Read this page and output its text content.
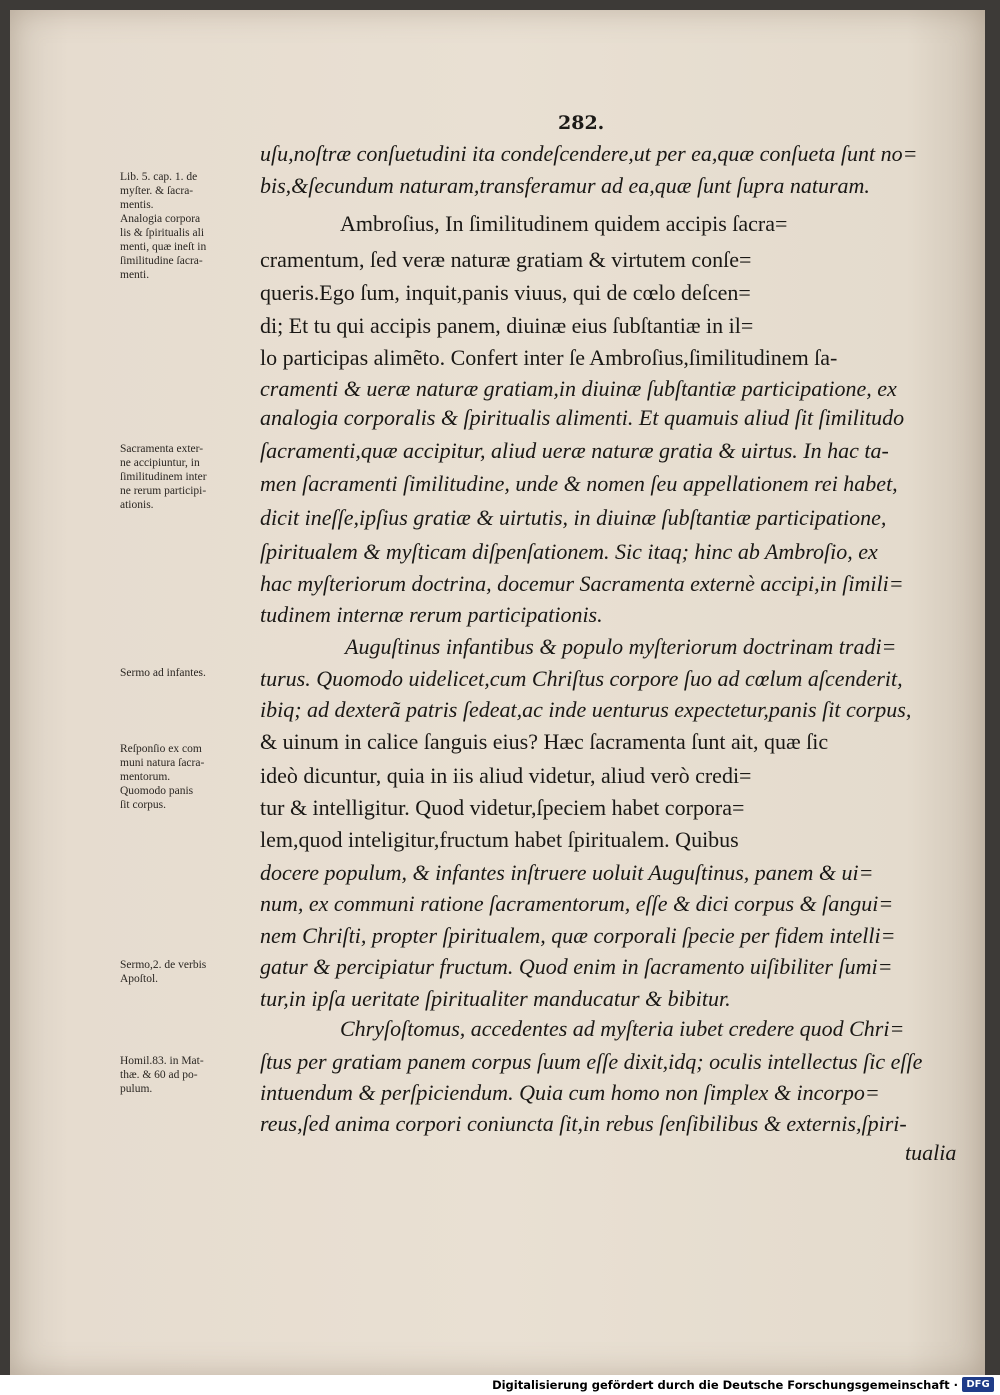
282.
uſu,noſtræ conſuetudini ita condeſcendere,ut per ea,quæ conſueta ſunt no=
bis,&ſecundum naturam,transferamur ad ea,quæ ſunt ſupra naturam.
Ambroſius, In ſimilitudinem quidem accipis ſacra=
cramentum, ſed veræ naturæ gratiam & virtutem conſe=
queris.Ego ſum, inquit,panis viuus, qui de cœlo deſcen=
di; Et tu qui accipis panem, diuinæ eius ſubſtantiæ in il=
lo participas alimẽto. Confert inter ſe Ambroſius,ſimilitudinem ſa-
cramenti & ueræ naturæ gratiam,in diuinæ ſubſtantiæ participatione, ex
analogia corporalis & ſpiritualis alimenti. Et quamuis aliud ſit ſimilitudo
ſacramenti,quæ accipitur, aliud ueræ naturæ gratia & uirtus. In hac ta-
men ſacramenti ſimilitudine, unde & nomen ſeu appellationem rei habet,
dicit ineſſe,ipſius gratiæ & uirtutis, in diuinæ ſubſtantiæ participatione,
ſpiritualem & myſticam diſpenſationem. Sic itaq; hinc ab Ambroſio, ex
hac myſteriorum doctrina, docemur Sacramenta externè accipi,in ſimili=
tudinem internæ rerum participationis.
Auguſtinus infantibus & populo myſteriorum doctrinam tradi=
turus. Quomodo uidelicet,cum Chriſtus corpore ſuo ad cœlum aſcenderit,
ibiq; ad dexterã patris ſedeat,ac inde uenturus expectetur,panis ſit corpus,
& uinum in calice ſanguis eius? Hæc ſacramenta ſunt ait, quæ ſic
ideò dicuntur, quia in iis aliud videtur, aliud verò credi=
tur & intelligitur. Quod videtur,ſpeciem habet corpora=
lem,quod inteligitur,fructum habet ſpiritualem. Quibus
docere populum, & infantes inſtruere uoluit Auguſtinus, panem & ui=
num, ex communi ratione ſacramentorum, eſſe & dici corpus & ſangui=
nem Chriſti, propter ſpiritualem, quæ corporali ſpecie per fidem intelli=
gatur & percipiatur fructum. Quod enim in ſacramento uiſibiliter ſumi=
tur,in ipſa ueritate ſpiritualiter manducatur & bibitur.
Chryſoſtomus, accedentes ad myſteria iubet credere quod Chri=
ſtus per gratiam panem corpus ſuum eſſe dixit,idq; oculis intellectus ſic eſſe
intuendum & perſpiciendum. Quia cum homo non ſimplex & incorpo=
reus,ſed anima corpori coniuncta ſit,in rebus ſenſibilibus & externis,ſpiri-
tualia
Lib. 5. cap. 1. de
myſter. & ſacra-
mentis.
Analogia corpora
lis & ſpiritualis ali
menti, quæ ineſt in
ſimilitudine ſacra-
menti.
Sacramenta exter-
ne accipiuntur, in
ſimilitudinem inter
ne rerum participi-
ationis.
Sermo ad infantes.
Reſponſio ex com
muni natura ſacra-
mentorum.
Quomodo panis
ſit corpus.
Sermo,2. de verbis
Apoſtol.
Homil.83. in Mat-
thæ. & 60 ad po-
pulum.
Digitalisierung gefördert durch die Deutsche Forschungsgemeinschaft · DFG
